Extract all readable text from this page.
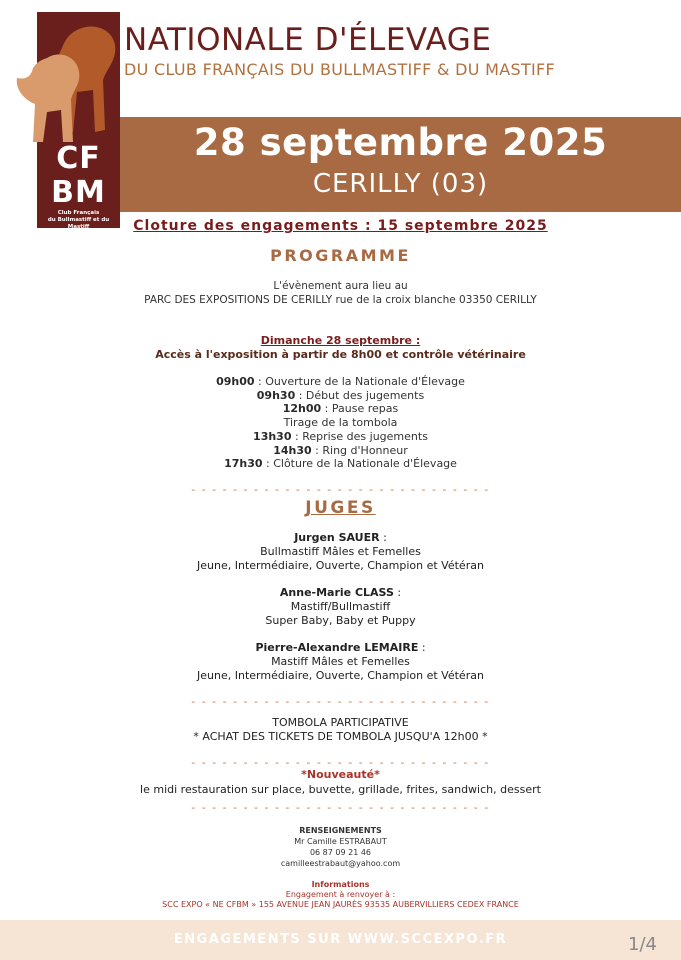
CF
BM
Club Français
du Bullmastiff et du Mastiff
NATIONALE D'ÉLEVAGE
DU CLUB FRANÇAIS DU BULLMASTIFF & DU MASTIFF
28 septembre 2025
CERILLY (03)
Cloture des engagements : 15 septembre 2025
PROGRAMME
L'évènement aura lieu au
PARC DES EXPOSITIONS DE CERILLY rue de la croix blanche 03350 CERILLY
Dimanche 28 septembre :
Accès à l'exposition à partir de 8h00 et contrôle vétérinaire
09h00 : Ouverture de la Nationale d'Élevage
09h30 : Début des jugements
12h00 : Pause repas
Tirage de la tombola
13h30 : Reprise des jugements
14h30 : Ring d'Honneur
17h30 : Clôture de la Nationale d'Élevage
- - - - - - - - - - - - - - - - - - - - - - - - - - - - -
JUGES
Jurgen SAUER :
Bullmastiff Mâles et Femelles
Jeune, Intermédiaire, Ouverte, Champion et Vétéran
Anne-Marie CLASS :
Mastiff/Bullmastiff
Super Baby, Baby et Puppy
Pierre-Alexandre LEMAIRE :
Mastiff Mâles et Femelles
Jeune, Intermédiaire, Ouverte, Champion et Vétéran
- - - - - - - - - - - - - - - - - - - - - - - - - - - - -
TOMBOLA PARTICIPATIVE
* ACHAT DES TICKETS DE TOMBOLA JUSQU'A 12h00 *
- - - - - - - - - - - - - - - - - - - - - - - - - - - - -
*Nouveauté*
le midi restauration sur place, buvette, grillade, frites, sandwich, dessert
- - - - - - - - - - - - - - - - - - - - - - - - - - - - -
RENSEIGNEMENTS
Mr Camille ESTRABAUT
06 87 09 21 46
camilleestrabaut@yahoo.com
Informations
Engagement à renvoyer à :
SCC EXPO « NE CFBM » 155 AVENUE JEAN JAURÈS 93535 AUBERVILLIERS CEDEX FRANCE
ENGAGEMENTS SUR WWW.SCCEXPO.FR	1/4
